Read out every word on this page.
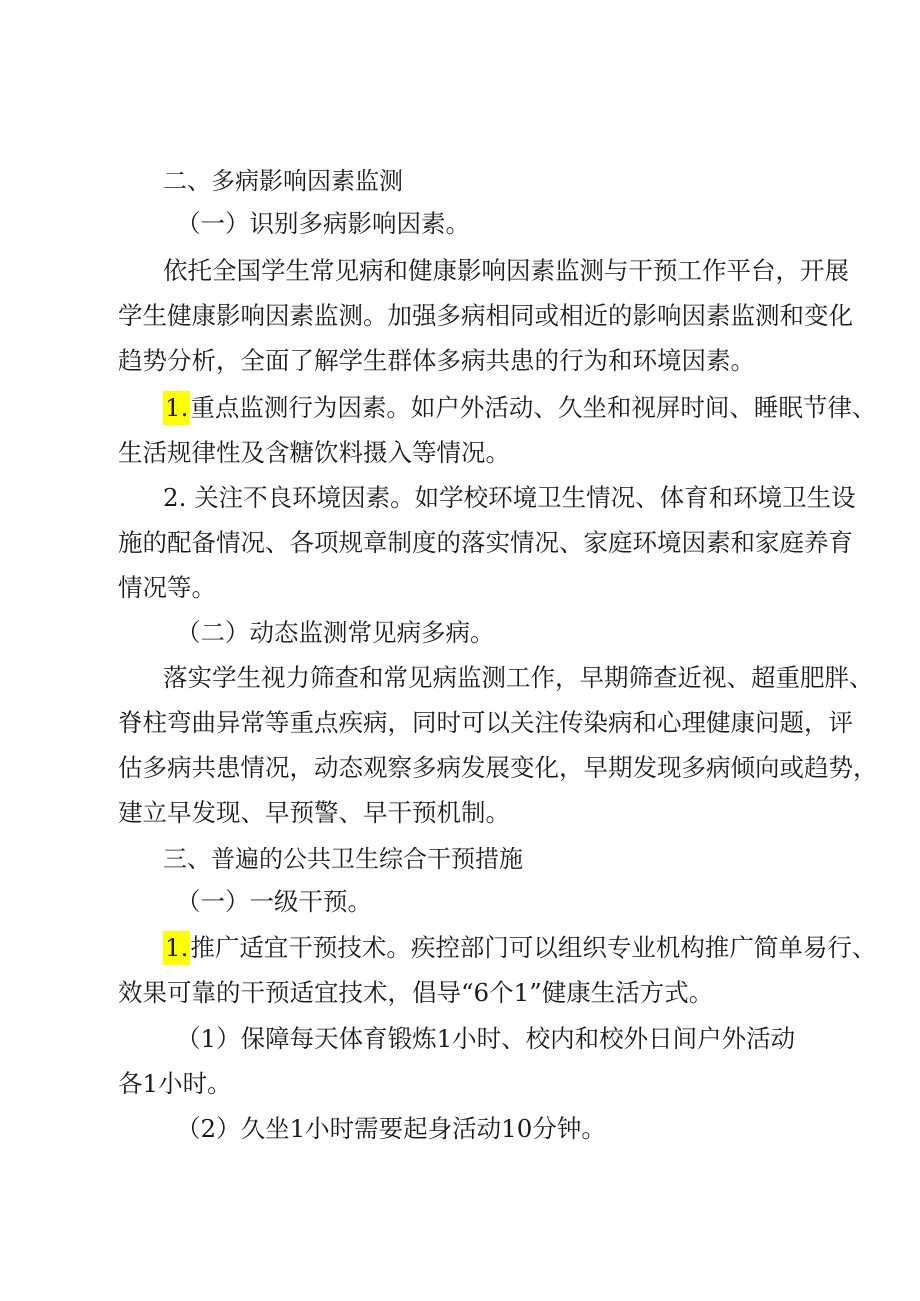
二、多病影响因素监测
（一）识别多病影响因素。
依托全国学生常见病和健康影响因素监测与干预工作平台，开展
学生健康影响因素监测。加强多病相同或相近的影响因素监测和变化
趋势分析，全面了解学生群体多病共患的行为和环境因素。
1.重点监测行为因素。如户外活动、久坐和视屏时间、睡眠节律、
生活规律性及含糖饮料摄入等情况。
2. 关注不良环境因素。如学校环境卫生情况、体育和环境卫生设
施的配备情况、各项规章制度的落实情况、家庭环境因素和家庭养育
情况等。
（二）动态监测常见病多病。
落实学生视力筛查和常见病监测工作，早期筛查近视、超重肥胖、
脊柱弯曲异常等重点疾病，同时可以关注传染病和心理健康问题，评
估多病共患情况，动态观察多病发展变化，早期发现多病倾向或趋势，
建立早发现、早预警、早干预机制。
三、普遍的公共卫生综合干预措施
（一）一级干预。
1.推广适宜干预技术。疾控部门可以组织专业机构推广简单易行、
效果可靠的干预适宜技术，倡导“6个1”健康生活方式。
（1）保障每天体育锻炼1小时、校内和校外日间户外活动
各1小时。
（2）久坐1小时需要起身活动10分钟。
